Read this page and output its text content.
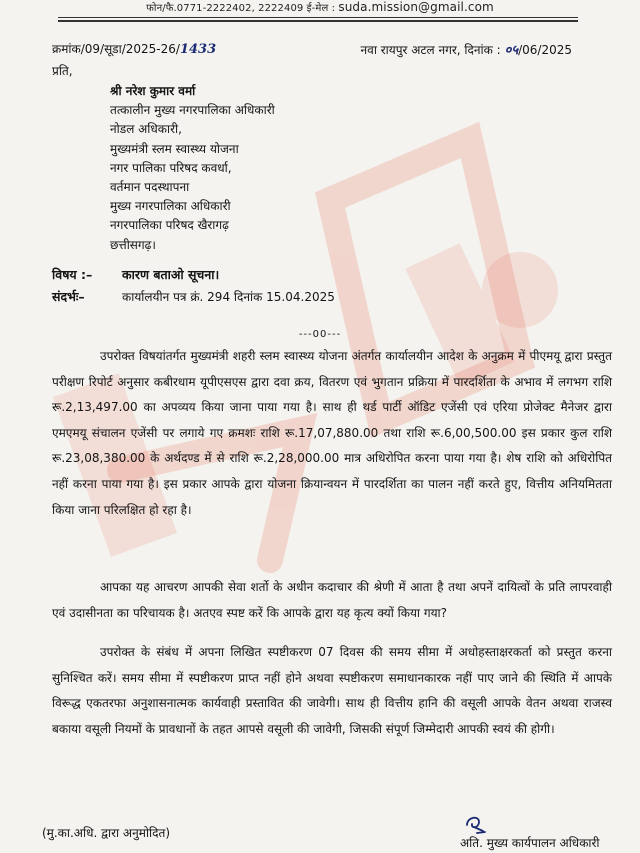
फोन/फै.0771-2222402, 2222409 ई-मेल : suda.mission@gmail.com
क्रमांक/09/सूडा/2025-26/1433	नवा रायपुर अटल नगर, दिनांक : ०५/06/2025
प्रति,
श्री नरेश कुमार वर्मा
तत्कालीन मुख्य नगरपालिका अधिकारी
नोडल अधिकारी,
मुख्यमंत्री स्लम स्वास्थ्य योजना
नगर पालिका परिषद कवर्धा,
वर्तमान पदस्थापना
मुख्य नगरपालिका अधिकारी
नगरपालिका परिषद खैरागढ़
छत्तीसगढ़।
विषय :– कारण बताओ सूचना।
संदर्भः–	कार्यालयीन पत्र क्रं. 294 दिनांक 15.04.2025
---00---
उपरोक्त विषयांतर्गत मुख्यमंत्री शहरी स्लम स्वास्थ्य योजना अंतर्गत कार्यालयीन आदेश के अनुक्रम में पीएमयू द्वारा प्रस्तुत परीक्षण रिपोर्ट अनुसार कबीरधाम यूपीएसएस द्वारा दवा क्रय, वितरण एवं भुगतान प्रक्रिया में पारदर्शिता के अभाव में लगभग राशि रू.2,13,497.00 का अपव्यय किया जाना पाया गया है। साथ ही थर्ड पार्टी ऑडिट एजेंसी एवं एरिया प्रोजेक्ट मैनेजर द्वारा एमएमयू संचालन एजेंसी पर लगाये गए क्रमशः राशि रू.17,07,880.00 तथा राशि रू.6,00,500.00 इस प्रकार कुल राशि रू.23,08,380.00 के अर्थदण्ड में से राशि रू.2,28,000.00 मात्र अधिरोपित करना पाया गया है। शेष राशि को अधिरोपित नहीं करना पाया गया है। इस प्रकार आपके द्वारा योजना क्रियान्वयन में पारदर्शिता का पालन नहीं करते हुए, वित्तीय अनियमितता किया जाना परिलक्षित हो रहा है।
आपका यह आचरण आपकी सेवा शर्तो के अधीन कदाचार की श्रेणी में आता है तथा अपनें दायित्वों के प्रति लापरवाही एवं उदासीनता का परिचायक है। अतएव स्पष्ट करें कि आपके द्वारा यह कृत्य क्यों किया गया?
उपरोक्त के संबंध में अपना लिखित स्पष्टीकरण 07 दिवस की समय सीमा में अधोहस्ताक्षरकर्ता को प्रस्तुत करना सुनिश्चित करें। समय सीमा में स्पष्टीकरण प्राप्त नहीं होने अथवा स्पष्टीकरण समाधानकारक नहीं पाए जाने की स्थिति में आपके विरूद्ध एकतरफा अनुशासनात्मक कार्यवाही प्रस्तावित की जावेगी। साथ ही वित्तीय हानि की वसूली आपके वेतन अथवा राजस्व बकाया वसूली नियमों के प्रावधानों के तहत आपसे वसूली की जावेगी, जिसकी संपूर्ण जिम्मेदारी आपकी स्वयं की होगी।
(मु.का.अधि. द्वारा अनुमोदित)
अति. मुख्य कार्यपालन अधिकारी
